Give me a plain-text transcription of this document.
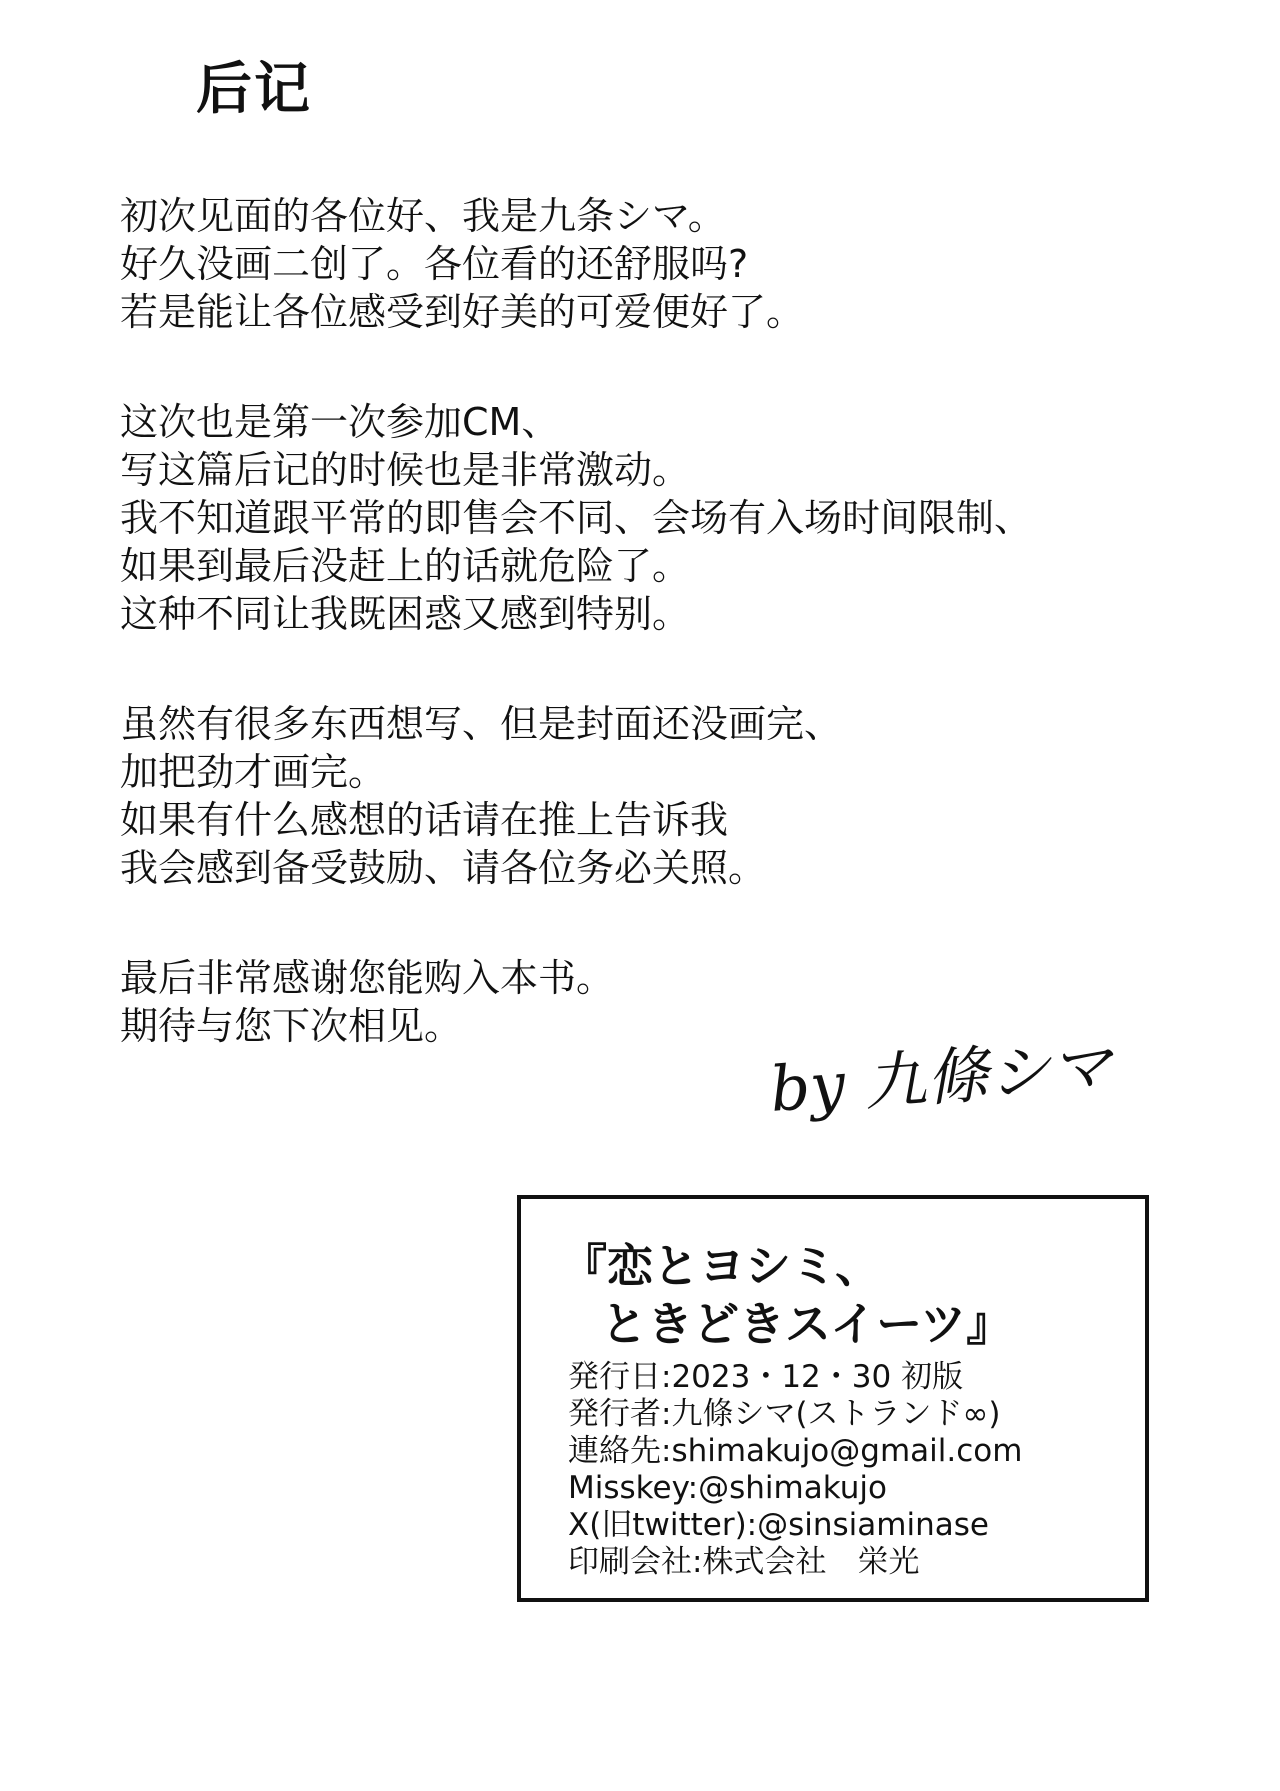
后记

初次见面的各位好、我是九条シマ。
好久没画二创了。各位看的还舒服吗?
若是能让各位感受到好美的可爱便好了。

这次也是第一次参加CM、
写这篇后记的时候也是非常激动。
我不知道跟平常的即售会不同、会场有入场时间限制、
如果到最后没赶上的话就危险了。
这种不同让我既困惑又感到特别。

虽然有很多东西想写、但是封面还没画完、
加把劲才画完。
如果有什么感想的话请在推上告诉我
我会感到备受鼓励、请各位务必关照。

最后非常感谢您能购入本书。
期待与您下次相见。

by 九條シマ
『恋とヨシミ、
ときどきスイーツ』
発行日:2023・12・30 初版
発行者:九條シマ(ストランド∞)
連絡先:shimakujo@gmail.com
Misskey:@shimakujo
X(旧twitter):@sinsiaminase
印刷会社:株式会社　栄光
